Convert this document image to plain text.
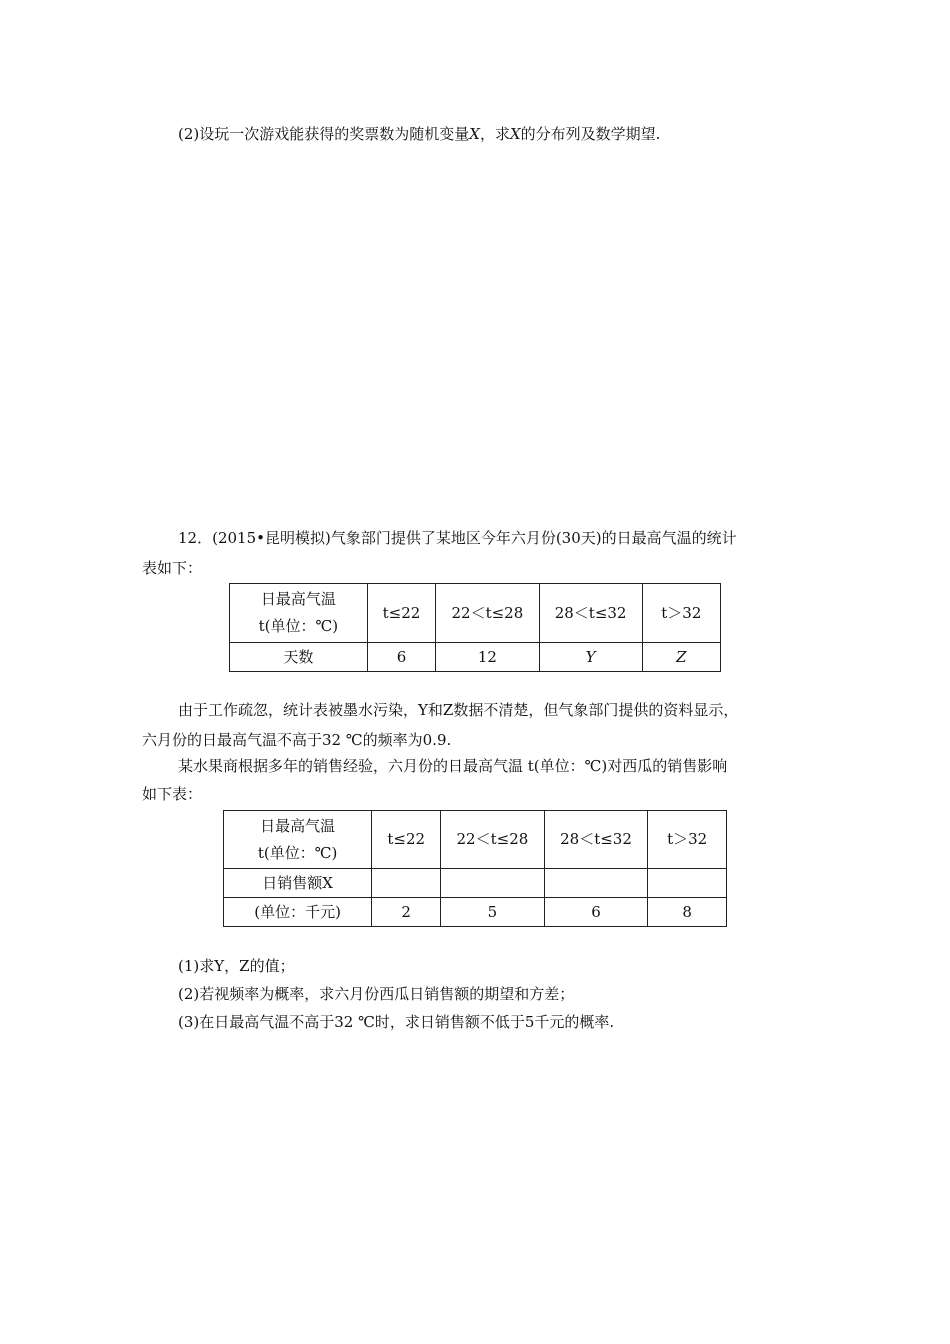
(2)设玩一次游戏能获得的奖票数为随机变量X，求X的分布列及数学期望.
12．(2015•昆明模拟)气象部门提供了某地区今年六月份(30天)的日最高气温的统计
表如下：
日最高气温
t(单位：℃)	t≤22	22＜t≤28	28＜t≤32	t＞32
天数	6	12	Y	Z
由于工作疏忽，统计表被墨水污染，Y和Z数据不清楚，但气象部门提供的资料显示，
六月份的日最高气温不高于32 ℃的频率为0.9.
某水果商根据多年的销售经验，六月份的日最高气温 t(单位：℃)对西瓜的销售影响
如下表：
日最高气温
t(单位：℃)	t≤22	22＜t≤28	28＜t≤32	t＞32
日销售额X				
(单位：千元)	2	5	6	8
(1)求Y，Z的值；
(2)若视频率为概率，求六月份西瓜日销售额的期望和方差；
(3)在日最高气温不高于32 ℃时，求日销售额不低于5千元的概率.
